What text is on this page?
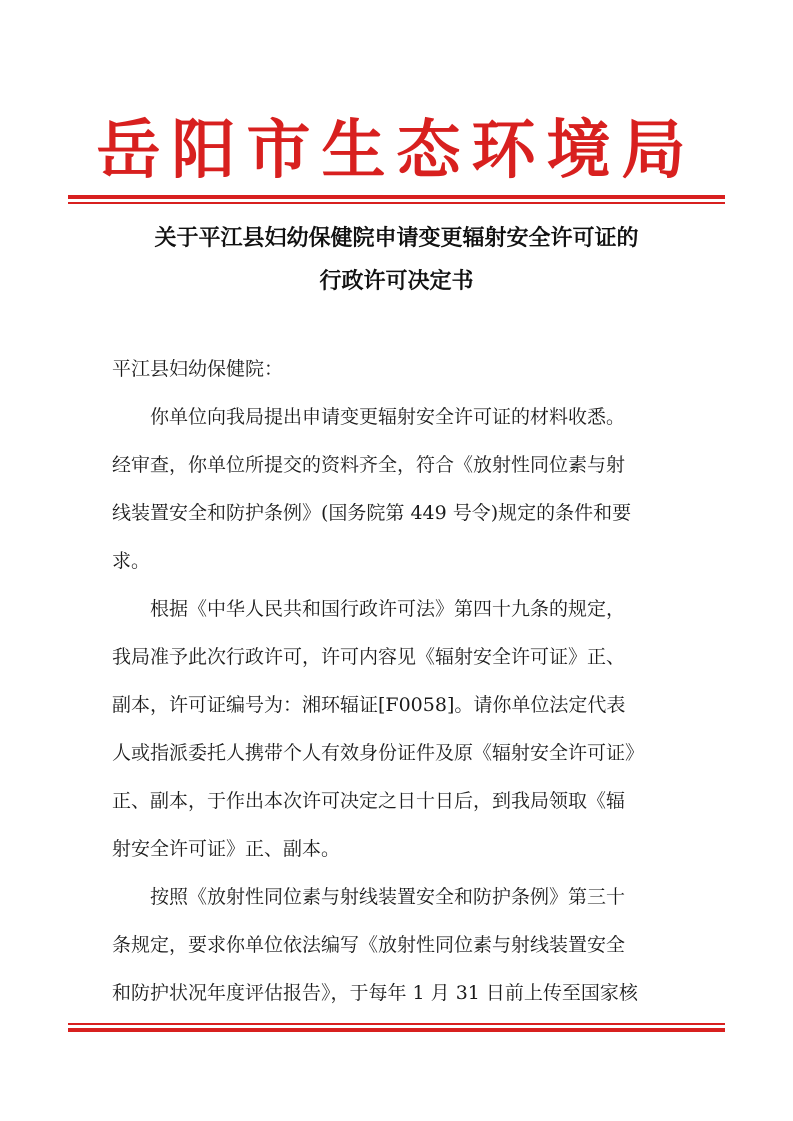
岳阳市生态环境局
关于平江县妇幼保健院申请变更辐射安全许可证的
行政许可决定书
平江县妇幼保健院：
　　你单位向我局提出申请变更辐射安全许可证的材料收悉。
经审查，你单位所提交的资料齐全，符合《放射性同位素与射
线装置安全和防护条例》(国务院第 449 号令)规定的条件和要
求。
　　根据《中华人民共和国行政许可法》第四十九条的规定，
我局准予此次行政许可，许可内容见《辐射安全许可证》正、
副本，许可证编号为：湘环辐证[F0058]。请你单位法定代表
人或指派委托人携带个人有效身份证件及原《辐射安全许可证》
正、副本，于作出本次许可决定之日十日后，到我局领取《辐
射安全许可证》正、副本。
　　按照《放射性同位素与射线装置安全和防护条例》第三十
条规定，要求你单位依法编写《放射性同位素与射线装置安全
和防护状况年度评估报告》，于每年 1 月 31 日前上传至国家核
